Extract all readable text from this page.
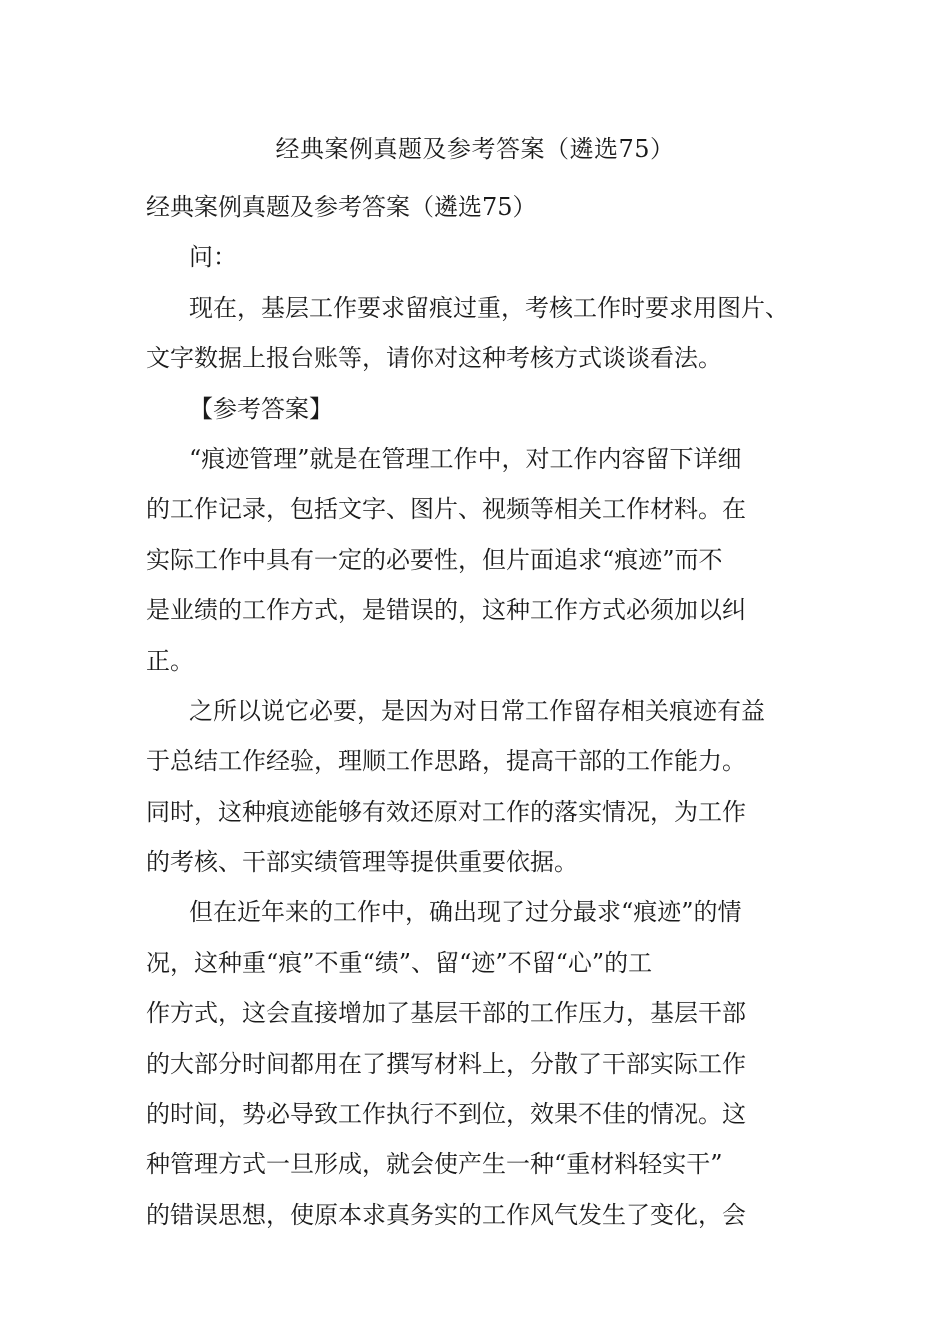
经典案例真题及参考答案（遴选75）
经典案例真题及参考答案（遴选75）
问：
现在，基层工作要求留痕过重，考核工作时要求用图片、
文字数据上报台账等，请你对这种考核方式谈谈看法。
【参考答案】
“痕迹管理”就是在管理工作中，对工作内容留下详细
的工作记录，包括文字、图片、视频等相关工作材料。在
实际工作中具有一定的必要性，但片面追求“痕迹”而不
是业绩的工作方式，是错误的，这种工作方式必须加以纠
正。
之所以说它必要，是因为对日常工作留存相关痕迹有益
于总结工作经验，理顺工作思路，提高干部的工作能力。
同时，这种痕迹能够有效还原对工作的落实情况，为工作
的考核、干部实绩管理等提供重要依据。
但在近年来的工作中，确出现了过分最求“痕迹”的情
况，这种重“痕”不重“绩”、留“迹”不留“心”的工
作方式，这会直接增加了基层干部的工作压力，基层干部
的大部分时间都用在了撰写材料上，分散了干部实际工作
的时间，势必导致工作执行不到位，效果不佳的情况。这
种管理方式一旦形成，就会使产生一种“重材料轻实干”
的错误思想，使原本求真务实的工作风气发生了变化，会
